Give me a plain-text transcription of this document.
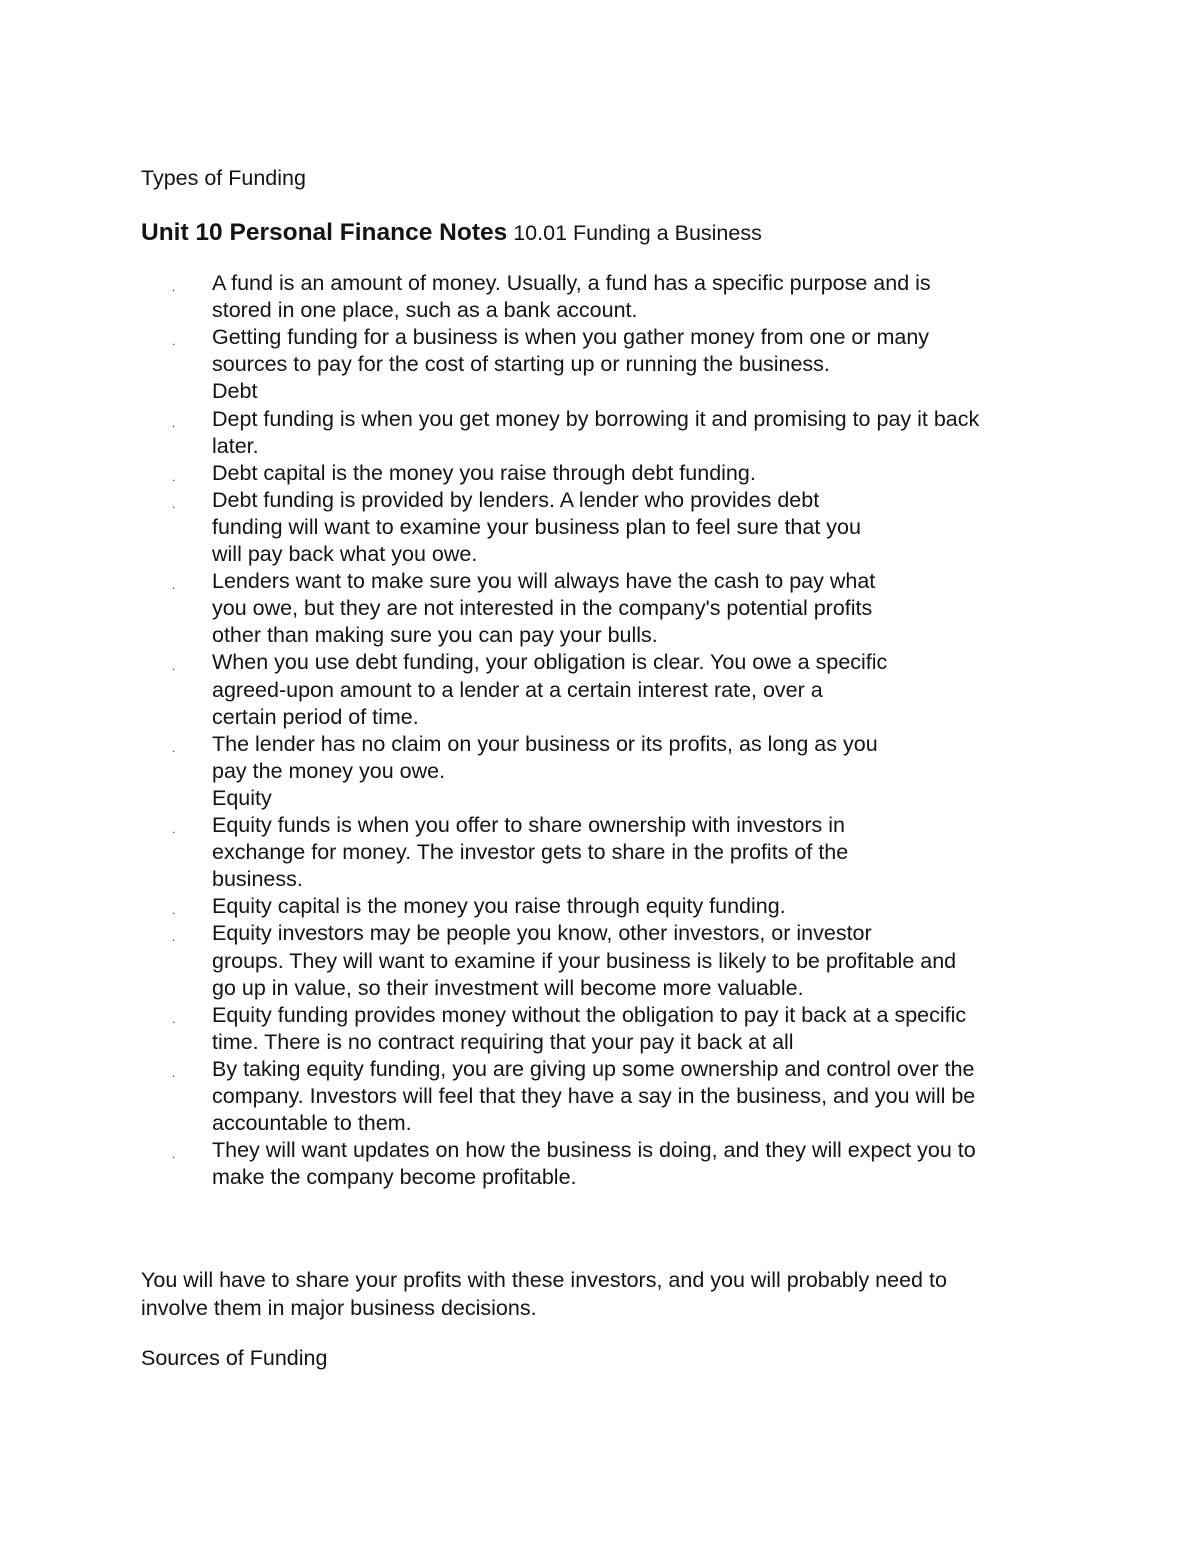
Types of Funding
Unit 10 Personal Finance Notes 10.01 Funding a Business
. A fund is an amount of money. Usually, a fund has a specific purpose and is
stored in one place, such as a bank account.
. Getting funding for a business is when you gather money from one or many
sources to pay for the cost of starting up or running the business.
Debt
. Dept funding is when you get money by borrowing it and promising to pay it back
later.
. Debt capital is the money you raise through debt funding.
. Debt funding is provided by lenders. A lender who provides debt
funding will want to examine your business plan to feel sure that you
will pay back what you owe.
. Lenders want to make sure you will always have the cash to pay what
you owe, but they are not interested in the company's potential profits
other than making sure you can pay your bulls.
. When you use debt funding, your obligation is clear. You owe a specific
agreed-upon amount to a lender at a certain interest rate, over a
certain period of time.
. The lender has no claim on your business or its profits, as long as you
pay the money you owe.
Equity
. Equity funds is when you offer to share ownership with investors in
exchange for money. The investor gets to share in the profits of the
business.
. Equity capital is the money you raise through equity funding.
. Equity investors may be people you know, other investors, or investor
groups. They will want to examine if your business is likely to be profitable and
go up in value, so their investment will become more valuable.
. Equity funding provides money without the obligation to pay it back at a specific
time. There is no contract requiring that your pay it back at all
. By taking equity funding, you are giving up some ownership and control over the
company. Investors will feel that they have a say in the business, and you will be
accountable to them.
. They will want updates on how the business is doing, and they will expect you to
make the company become profitable.
You will have to share your profits with these investors, and you will probably need to
involve them in major business decisions.
Sources of Funding
